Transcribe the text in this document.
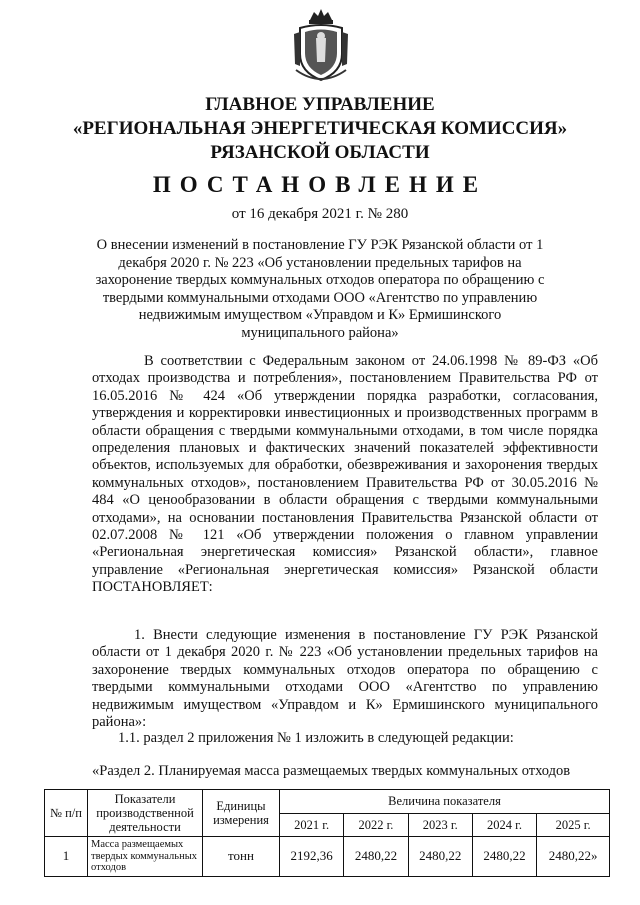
ГЛАВНОЕ УПРАВЛЕНИЕ

«РЕГИОНАЛЬНАЯ ЭНЕРГЕТИЧЕСКАЯ КОМИССИЯ»

РЯЗАНСКОЙ ОБЛАСТИ

ПОСТАНОВЛЕНИЕ

от 16 декабря 2021 г. № 280
О внесении изменений в постановление ГУ РЭК Рязанской области от 1 декабря 2020 г. № 223 «Об установлении предельных тарифов на захоронение твердых коммунальных отходов оператора по обращению с твердыми коммунальными отходами ООО «Агентство по управлению недвижимым имуществом «Управдом и К» Ермишинского муниципального района»

В соответствии с Федеральным законом от 24.06.1998 № 89-ФЗ «Об отходах производства и потребления», постановлением Правительства РФ от 16.05.2016 № 424 «Об утверждении порядка разработки, согласования, утверждения и корректировки инвестиционных и производственных программ в области обращения с твердыми коммунальными отходами, в том числе порядка определения плановых и фактических значений показателей эффективности объектов, используемых для обработки, обезвреживания и захоронения твердых коммунальных отходов», постановлением Правительства РФ от 30.05.2016 № 484 «О ценообразовании в области обращения с твердыми коммунальными отходами», на основании постановления Правительства Рязанской области от 02.07.2008 № 121 «Об утверждении положения о главном управлении «Региональная энергетическая комиссия» Рязанской области», главное управление «Региональная энергетическая комиссия» Рязанской области ПОСТАНОВЛЯЕТ:

1. Внести следующие изменения в постановление ГУ РЭК Рязанской области от 1 декабря 2020 г. № 223 «Об установлении предельных тарифов на захоронение твердых коммунальных отходов оператора по обращению с твердыми коммунальными отходами ООО «Агентство по управлению недвижимым имуществом «Управдом и К» Ермишинского муниципального района»:

1.1. раздел 2 приложения № 1 изложить в следующей редакции:

«Раздел 2. Планируемая масса размещаемых твердых коммунальных отходов

№ п/п	Показатели производственной деятельности	Единицы измерения	Величина показателя				
			2021 г.	2022 г.	2023 г.	2024 г.	2025 г.
1	Масса размещаемых твердых коммунальных отходов	тонн	2192,36	2480,22	2480,22	2480,22	2480,22»
